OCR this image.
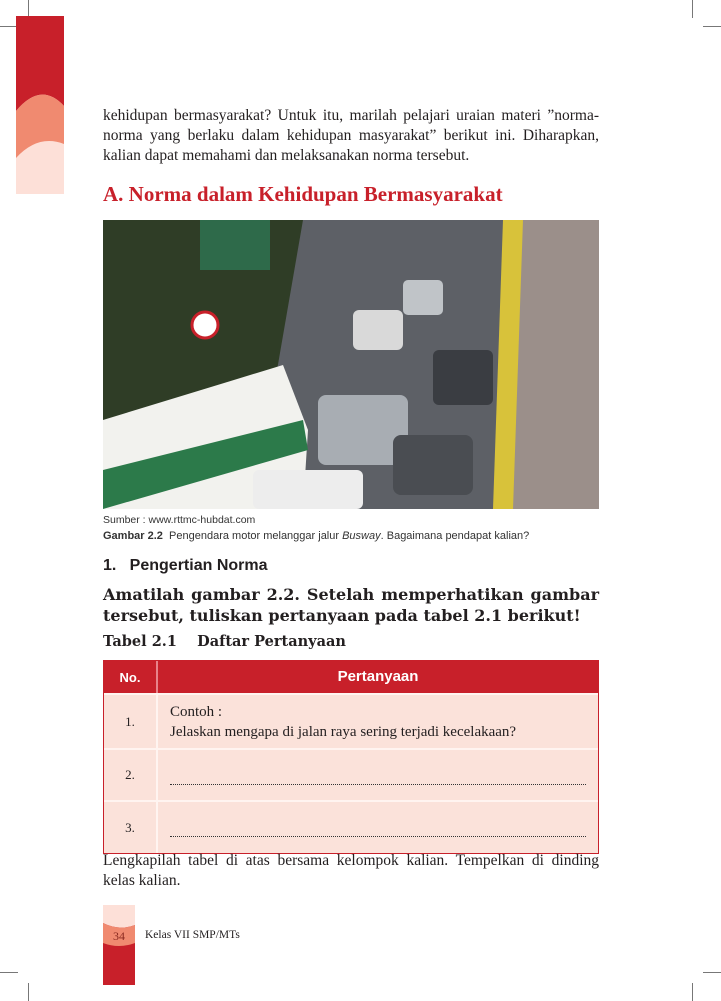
kehidupan bermasyarakat? Untuk itu, marilah pelajari uraian materi ”norma-norma yang berlaku dalam kehidupan masyarakat” berikut ini. Diharapkan, kalian dapat memahami dan melaksanakan norma tersebut.
A. Norma dalam Kehidupan Bermasyarakat
Sumber : www.rttmc-hubdat.com
Gambar 2.2 Pengendara motor melanggar jalur Busway. Bagaimana pendapat kalian?
1.   Pengertian Norma
Amatilah gambar 2.2. Setelah memperhatikan gambar tersebut, tuliskan pertanyaan pada tabel 2.1 berikut!
Tabel 2.1    Daftar Pertanyaan
No.	Pertanyaan
1.
Contoh :
Jelaskan mengapa di jalan raya sering terjadi kecelakaan?
2.
3.
Lengkapilah tabel di atas bersama kelompok kalian. Tempelkan di dinding kelas kalian.
34	Kelas VII SMP/MTs
